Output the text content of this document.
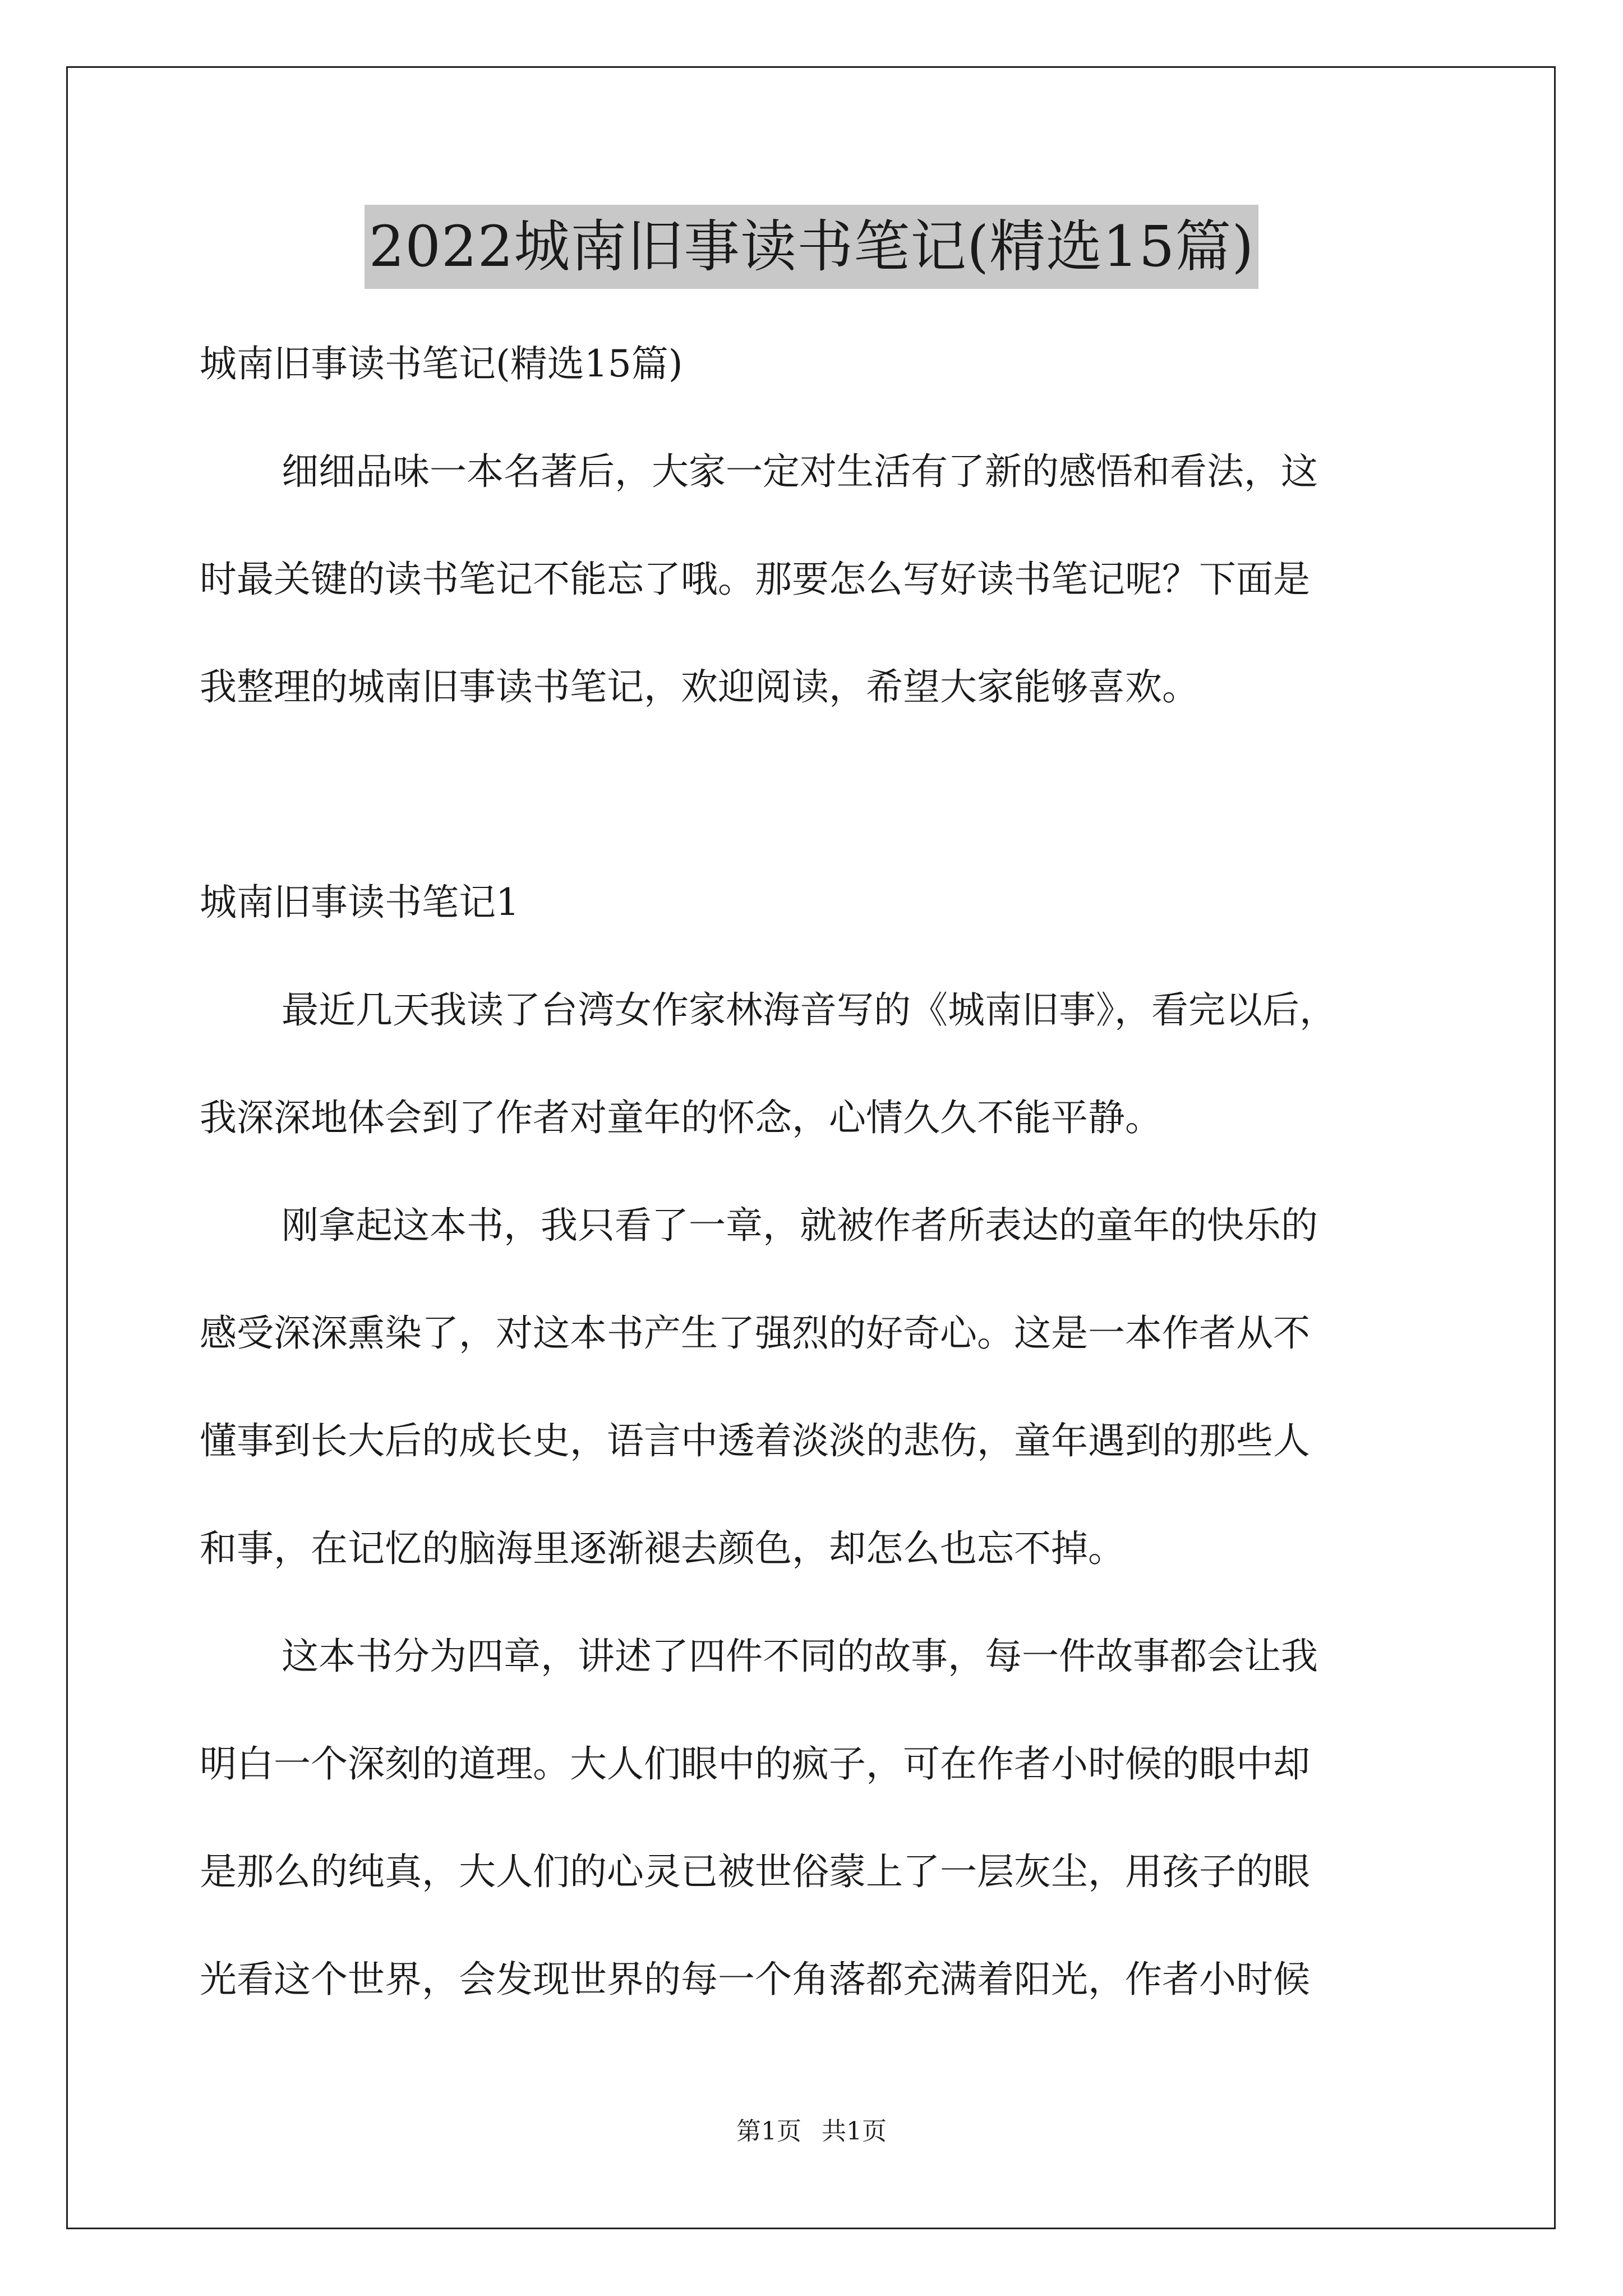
2022城南旧事读书笔记(精选15篇)

城南旧事读书笔记(精选15篇)

细细品味一本名著后，大家一定对生活有了新的感悟和看法，这

时最关键的读书笔记不能忘了哦。那要怎么写好读书笔记呢？下面是

我整理的城南旧事读书笔记，欢迎阅读，希望大家能够喜欢。

城南旧事读书笔记1

最近几天我读了台湾女作家林海音写的《城南旧事》，看完以后，

我深深地体会到了作者对童年的怀念，心情久久不能平静。

刚拿起这本书，我只看了一章，就被作者所表达的童年的快乐的

感受深深熏染了，对这本书产生了强烈的好奇心。这是一本作者从不

懂事到长大后的成长史，语言中透着淡淡的悲伤，童年遇到的那些人

和事，在记忆的脑海里逐渐褪去颜色，却怎么也忘不掉。

这本书分为四章，讲述了四件不同的故事，每一件故事都会让我

明白一个深刻的道理。大人们眼中的疯子，可在作者小时候的眼中却

是那么的纯真，大人们的心灵已被世俗蒙上了一层灰尘，用孩子的眼

光看这个世界，会发现世界的每一个角落都充满着阳光，作者小时候

第1页 共1页
